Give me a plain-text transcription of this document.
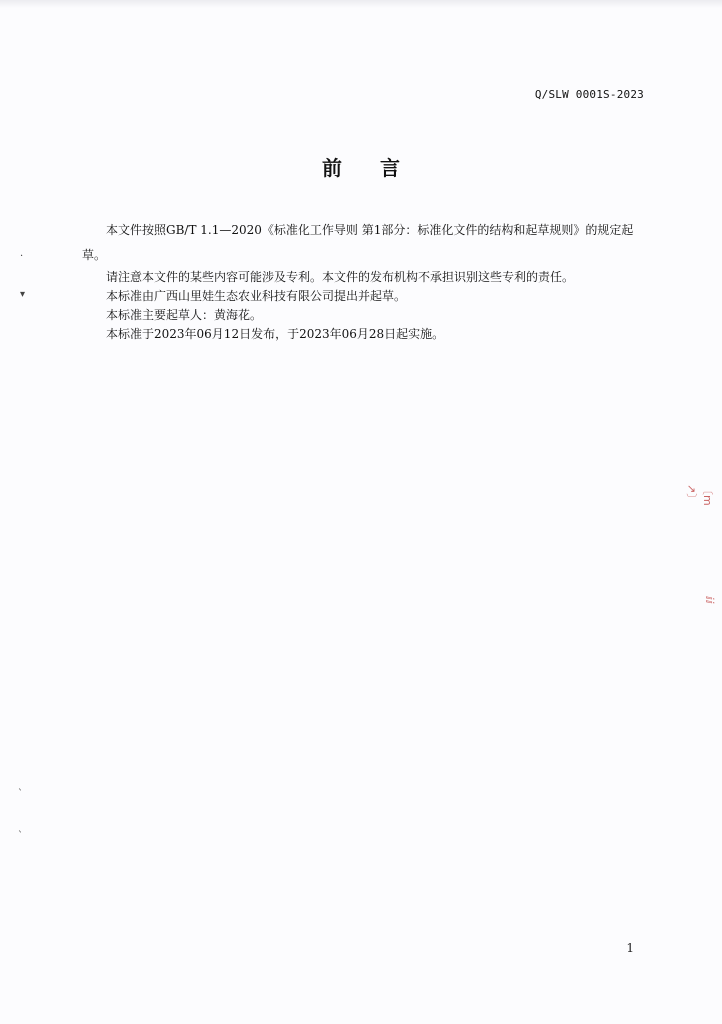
Q/SLW 0001S-2023
前 言

本文件按照GB/T 1.1—2020《标准化工作导则 第1部分：标准化文件的结构和起草规则》的规定起草。

请注意本文件的某些内容可能涉及专利。本文件的发布机构不承担识别这些专利的责任。

本标准由广西山里娃生态农业科技有限公司提出并起草。

本标准主要起草人：黄海花。

本标准于2023年06月12日发布，于2023年06月28日起实施。

1
·
▾
`
`
〔ⅿ ↗〕
ⅈⅈ
